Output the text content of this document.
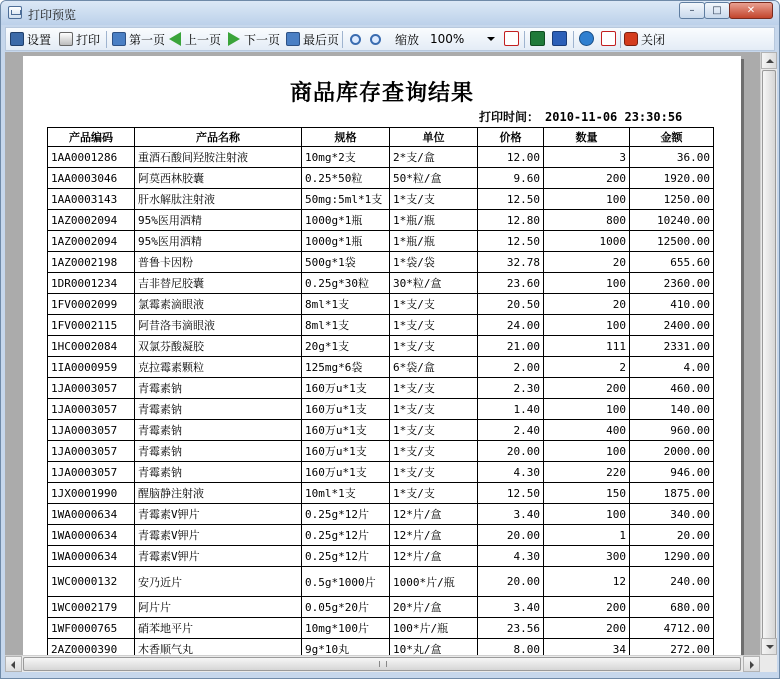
打印预览	–	□	✕
设置 打印 第一页 上一页 下一页 最后页	缩放 100%	关闭
商品库存查询结果
打印时间： 2010-11-06 23:30:56
产品编码	产品名称	规格	单位	价格	数量	金额
1AA0001286	重酒石酸间羟胺注射液	10mg*2支	2*支/盒	12.00	3	36.00
1AA0003046	阿莫西林胶囊	0.25*50粒	50*粒/盒	9.60	200	1920.00
1AA0003143	肝水解肽注射液	50mg:5ml*1支	1*支/支	12.50	100	1250.00
1AZ0002094	95%医用酒精	1000g*1瓶	1*瓶/瓶	12.80	800	10240.00
1AZ0002094	95%医用酒精	1000g*1瓶	1*瓶/瓶	12.50	1000	12500.00
1AZ0002198	普鲁卡因粉	500g*1袋	1*袋/袋	32.78	20	655.60
1DR0001234	吉非替尼胶囊	0.25g*30粒	30*粒/盒	23.60	100	2360.00
1FV0002099	氯霉素滴眼液	8ml*1支	1*支/支	20.50	20	410.00
1FV0002115	阿昔洛韦滴眼液	8ml*1支	1*支/支	24.00	100	2400.00
1HC0002084	双氯芬酸凝胶	20g*1支	1*支/支	21.00	111	2331.00
1IA0000959	克拉霉素颗粒	125mg*6袋	6*袋/盒	2.00	2	4.00
1JA0003057	青霉素钠	160万u*1支	1*支/支	2.30	200	460.00
1JA0003057	青霉素钠	160万u*1支	1*支/支	1.40	100	140.00
1JA0003057	青霉素钠	160万u*1支	1*支/支	2.40	400	960.00
1JA0003057	青霉素钠	160万u*1支	1*支/支	20.00	100	2000.00
1JA0003057	青霉素钠	160万u*1支	1*支/支	4.30	220	946.00
1JX0001990	醒脑静注射液	10ml*1支	1*支/支	12.50	150	1875.00
1WA0000634	青霉素V钾片	0.25g*12片	12*片/盒	3.40	100	340.00
1WA0000634	青霉素V钾片	0.25g*12片	12*片/盒	20.00	1	20.00
1WA0000634	青霉素V钾片	0.25g*12片	12*片/盒	4.30	300	1290.00
1WC0000132	安乃近片	0.5g*1000片	1000*片/瓶	20.00	12	240.00
1WC0002179	阿片片	0.05g*20片	20*片/盒	3.40	200	680.00
1WF0000765	硝苯地平片	10mg*100片	100*片/瓶	23.56	200	4712.00
2AZ0000390	木香顺气丸	9g*10丸	10*丸/盒	8.00	34	272.00
